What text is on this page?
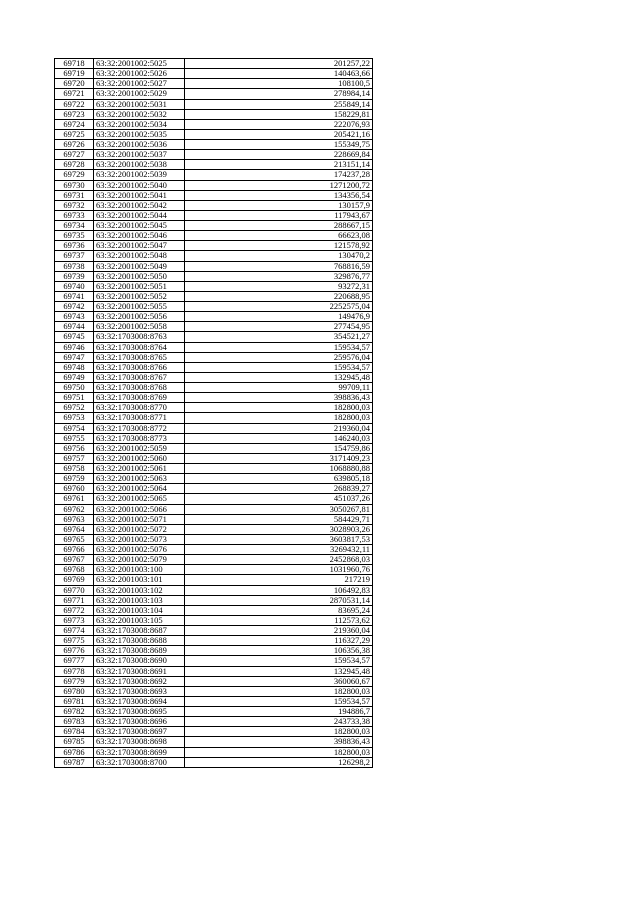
69718	63:32:2001002:5025	201257,22
69719	63:32:2001002:5026	140463,66
69720	63:32:2001002:5027	108100,5
69721	63:32:2001002:5029	278984,14
69722	63:32:2001002:5031	255849,14
69723	63:32:2001002:5032	158229,81
69724	63:32:2001002:5034	222076,93
69725	63:32:2001002:5035	205421,16
69726	63:32:2001002:5036	155349,75
69727	63:32:2001002:5037	228669,84
69728	63:32:2001002:5038	213151,14
69729	63:32:2001002:5039	174237,28
69730	63:32:2001002:5040	1271200,72
69731	63:32:2001002:5041	134356,54
69732	63:32:2001002:5042	130157,9
69733	63:32:2001002:5044	117943,67
69734	63:32:2001002:5045	288667,15
69735	63:32:2001002:5046	66623,08
69736	63:32:2001002:5047	121578,92
69737	63:32:2001002:5048	130470,2
69738	63:32:2001002:5049	768816,59
69739	63:32:2001002:5050	329876,77
69740	63:32:2001002:5051	93272,31
69741	63:32:2001002:5052	220688,95
69742	63:32:2001002:5055	2252575,04
69743	63:32:2001002:5056	149476,9
69744	63:32:2001002:5058	277454,95
69745	63:32:1703008:8763	354521,27
69746	63:32:1703008:8764	159534,57
69747	63:32:1703008:8765	259576,04
69748	63:32:1703008:8766	159534,57
69749	63:32:1703008:8767	132945,48
69750	63:32:1703008:8768	99709,11
69751	63:32:1703008:8769	398836,43
69752	63:32:1703008:8770	182800,03
69753	63:32:1703008:8771	182800,03
69754	63:32:1703008:8772	219360,04
69755	63:32:1703008:8773	146240,03
69756	63:32:2001002:5059	154759,86
69757	63:32:2001002:5060	3171409,23
69758	63:32:2001002:5061	1068880,88
69759	63:32:2001002:5063	639805,18
69760	63:32:2001002:5064	268839,27
69761	63:32:2001002:5065	451037,26
69762	63:32:2001002:5066	3050267,81
69763	63:32:2001002:5071	584429,71
69764	63:32:2001002:5072	3028903,26
69765	63:32:2001002:5073	3603817,53
69766	63:32:2001002:5076	3269432,11
69767	63:32:2001002:5079	2452868,03
69768	63:32:2001003:100	1031960,76
69769	63:32:2001003:101	217219
69770	63:32:2001003:102	106492,83
69771	63:32:2001003:103	2870531,14
69772	63:32:2001003:104	83695,24
69773	63:32:2001003:105	112573,62
69774	63:32:1703008:8687	219360,04
69775	63:32:1703008:8688	116327,29
69776	63:32:1703008:8689	106356,38
69777	63:32:1703008:8690	159534,57
69778	63:32:1703008:8691	132945,48
69779	63:32:1703008:8692	360060,67
69780	63:32:1703008:8693	182800,03
69781	63:32:1703008:8694	159534,57
69782	63:32:1703008:8695	194886,7
69783	63:32:1703008:8696	243733,38
69784	63:32:1703008:8697	182800,03
69785	63:32:1703008:8698	398836,43
69786	63:32:1703008:8699	182800,03
69787	63:32:1703008:8700	126298,2
